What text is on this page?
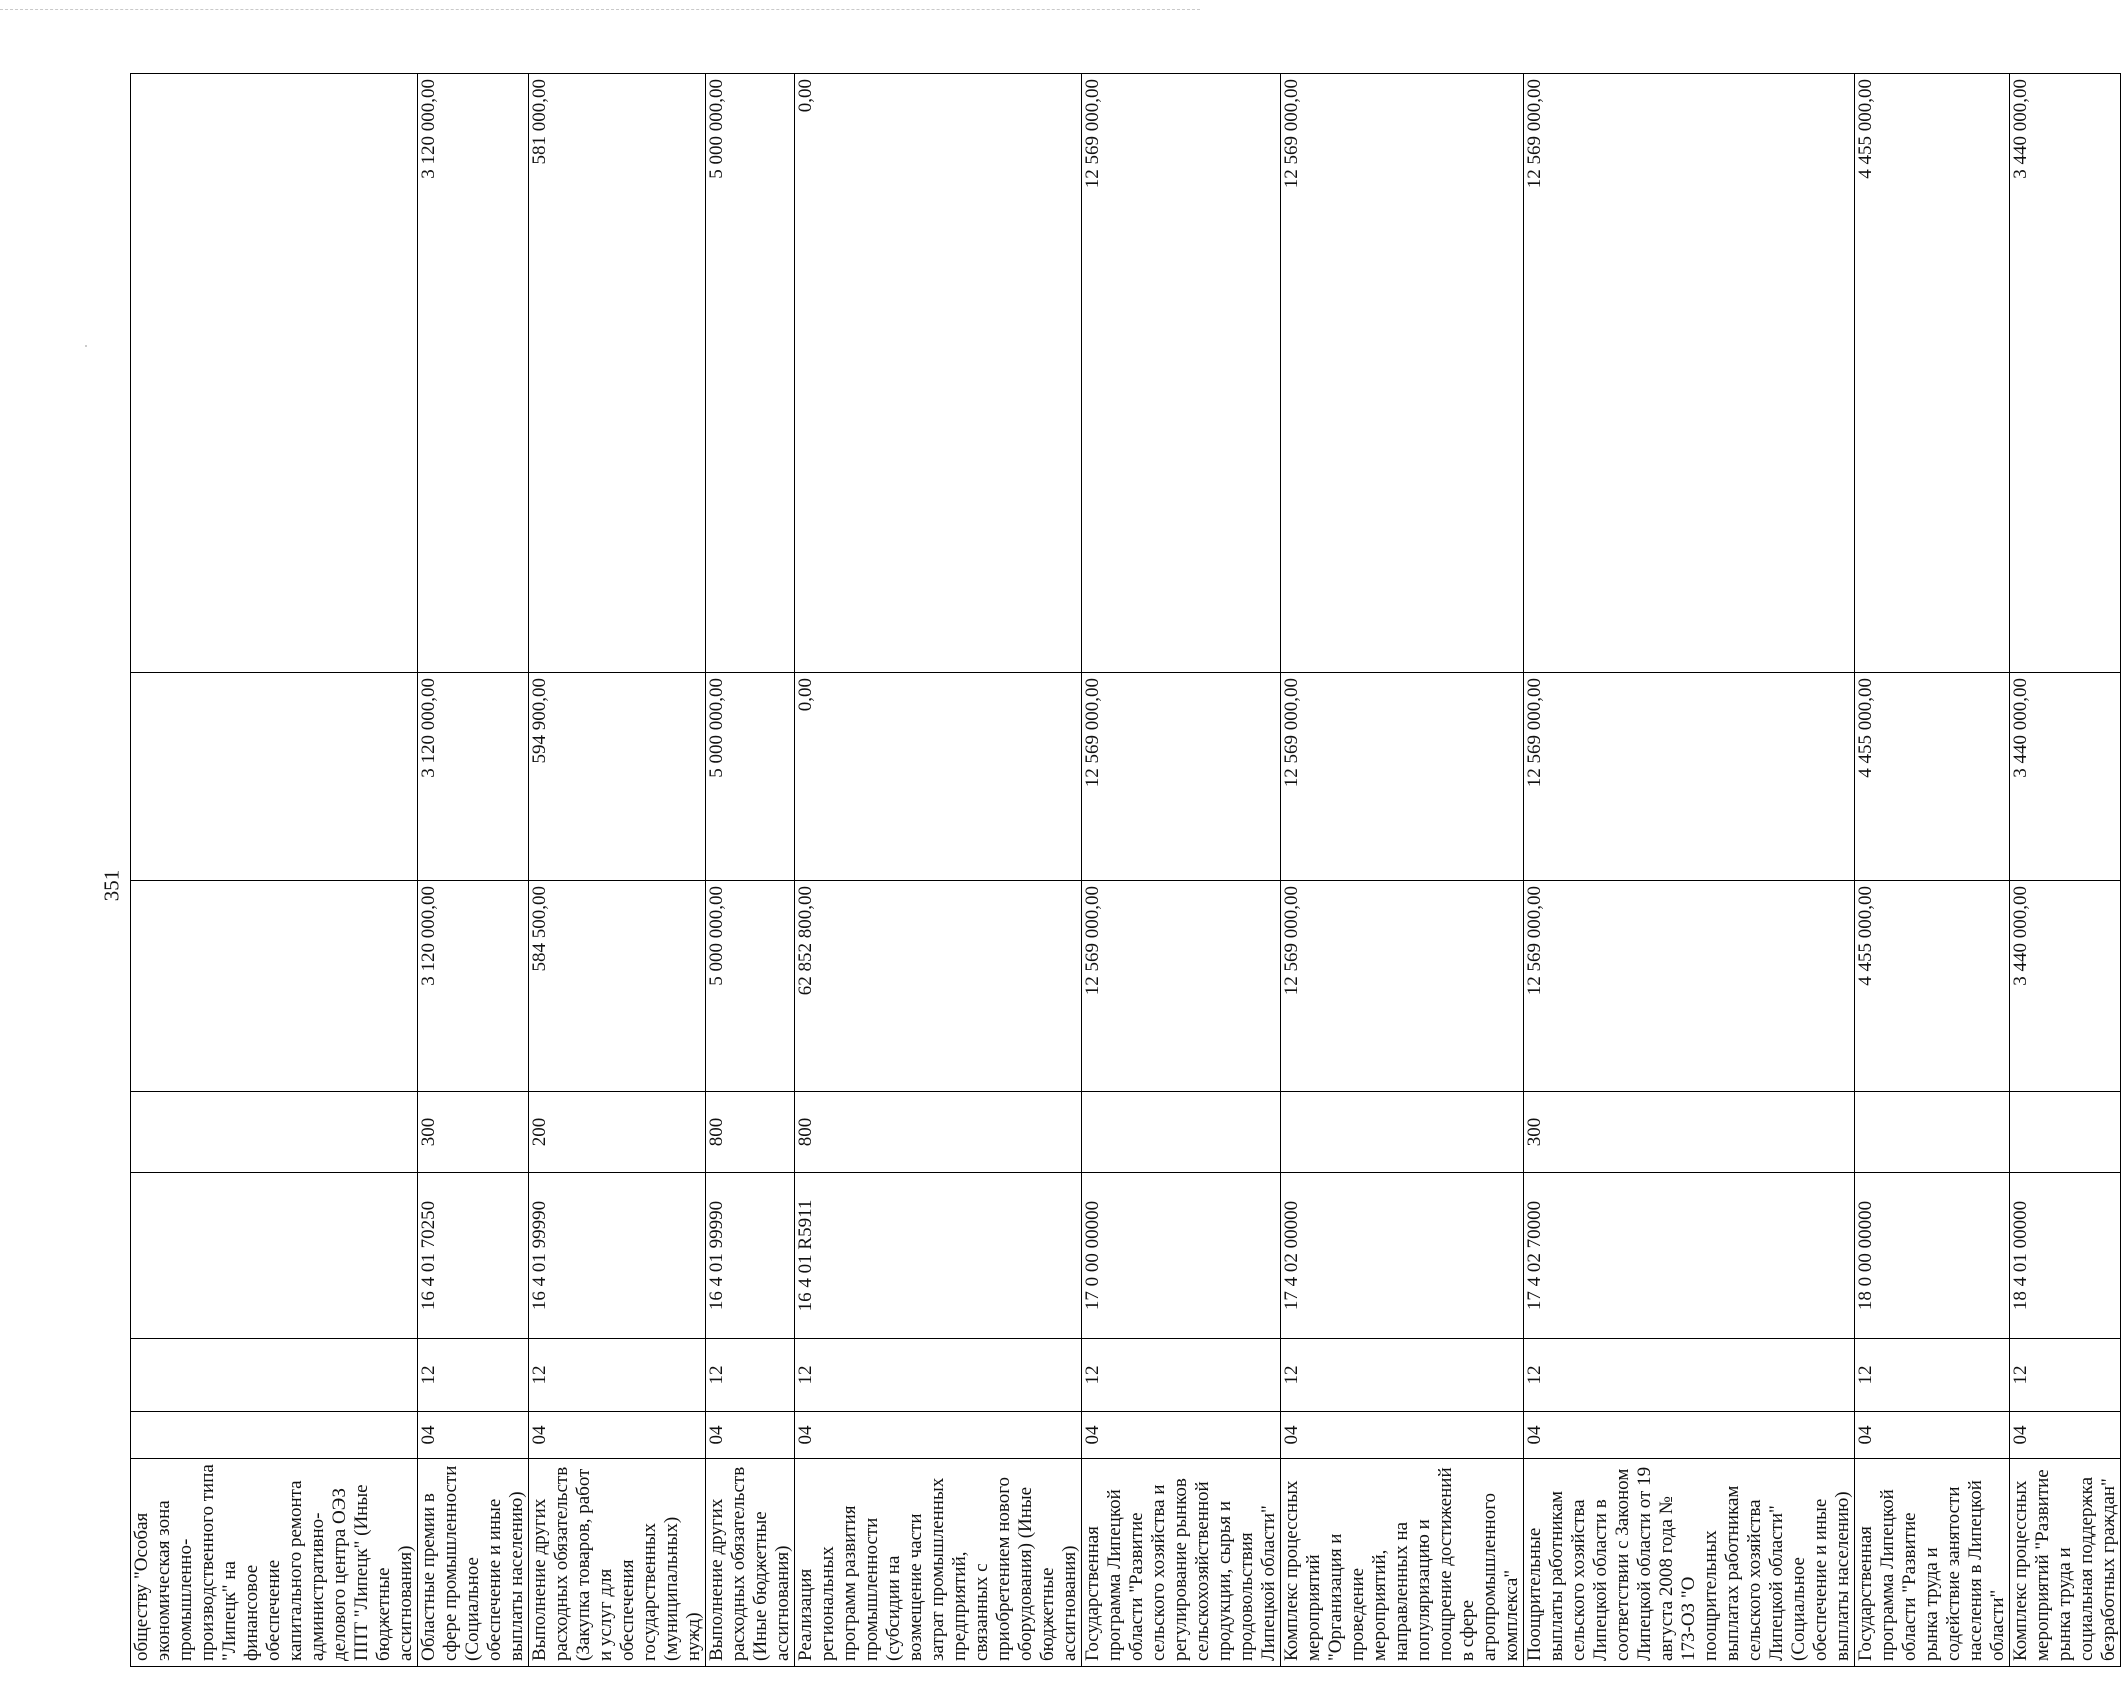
351
обществу "Особая экономическая зона промышленно-производственного типа "Липецк" на финансовое обеспечение капитального ремонта административно-делового центра ОЭЗ ППТ "Липецк" (Иные бюджетные ассигнования)							
Областные премии в сфере промышленности (Социальное обеспечение и иные выплаты населению)	04	12	16 4 01 70250	300	3 120 000,00	3 120 000,00	3 120 000,00
Выполнение других расходных обязательств (Закупка товаров, работ и услуг для обеспечения государственных (муниципальных) нужд)	04	12	16 4 01 99990	200	584 500,00	594 900,00	581 000,00
Выполнение других расходных обязательств (Иные бюджетные ассигнования)	04	12	16 4 01 99990	800	5 000 000,00	5 000 000,00	5 000 000,00
Реализация региональных программ развития промышленности (субсидии на возмещение части затрат промышленных предприятий, связанных с приобретением нового оборудования) (Иные бюджетные ассигнования)	04	12	16 4 01 R5911	800	62 852 800,00	0,00	0,00
Государственная программа Липецкой области "Развитие сельского хозяйства и регулирование рынков сельскохозяйственной продукции, сырья и продовольствия Липецкой области"	04	12	17 0 00 00000		12 569 000,00	12 569 000,00	12 569 000,00
Комплекс процессных мероприятий "Организация и проведение мероприятий, направленных на популяризацию и поощрение достижений в сфере агропромышленного комплекса"	04	12	17 4 02 00000		12 569 000,00	12 569 000,00	12 569 000,00
Поощрительные выплаты работникам сельского хозяйства Липецкой области в соответствии с Законом Липецкой области от 19 августа 2008 года № 173-ОЗ "О поощрительных выплатах работникам сельского хозяйства Липецкой области" (Социальное обеспечение и иные выплаты населению)	04	12	17 4 02 70000	300	12 569 000,00	12 569 000,00	12 569 000,00
Государственная программа Липецкой области "Развитие рынка труда и содействие занятости населения в Липецкой области"	04	12	18 0 00 00000		4 455 000,00	4 455 000,00	4 455 000,00
Комплекс процессных мероприятий "Развитие рынка труда и социальная поддержка безработных граждан"	04	12	18 4 01 00000		3 440 000,00	3 440 000,00	3 440 000,00
